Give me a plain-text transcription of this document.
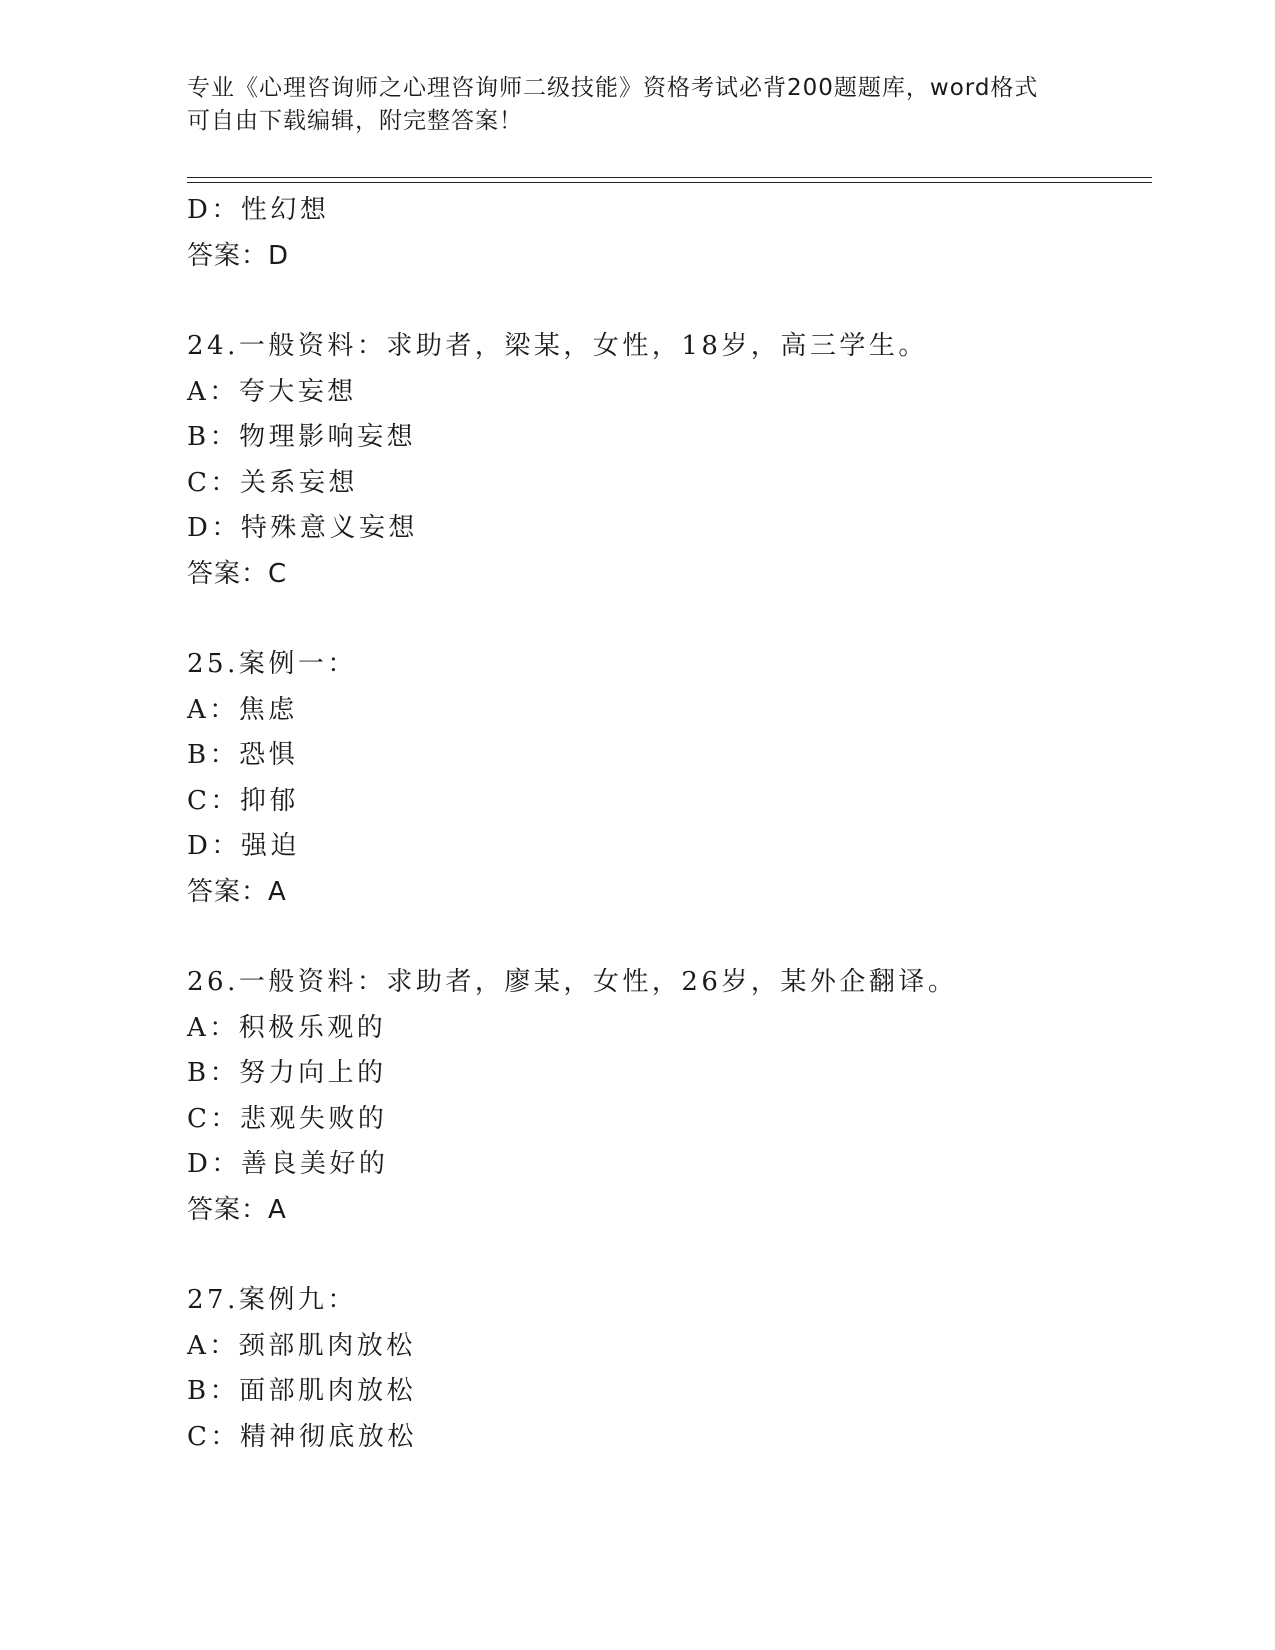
专业《心理咨询师之心理咨询师二级技能》资格考试必背200题题库，word格式
可自由下载编辑，附完整答案！
D：性幻想
答案：D
24.一般资料：求助者，梁某，女性，18岁，高三学生。
A：夸大妄想
B：物理影响妄想
C：关系妄想
D：特殊意义妄想
答案：C
25.案例一：
A：焦虑
B：恐惧
C：抑郁
D：强迫
答案：A
26.一般资料：求助者，廖某，女性，26岁，某外企翻译。
A：积极乐观的
B：努力向上的
C：悲观失败的
D：善良美好的
答案：A
27.案例九：
A：颈部肌肉放松
B：面部肌肉放松
C：精神彻底放松
